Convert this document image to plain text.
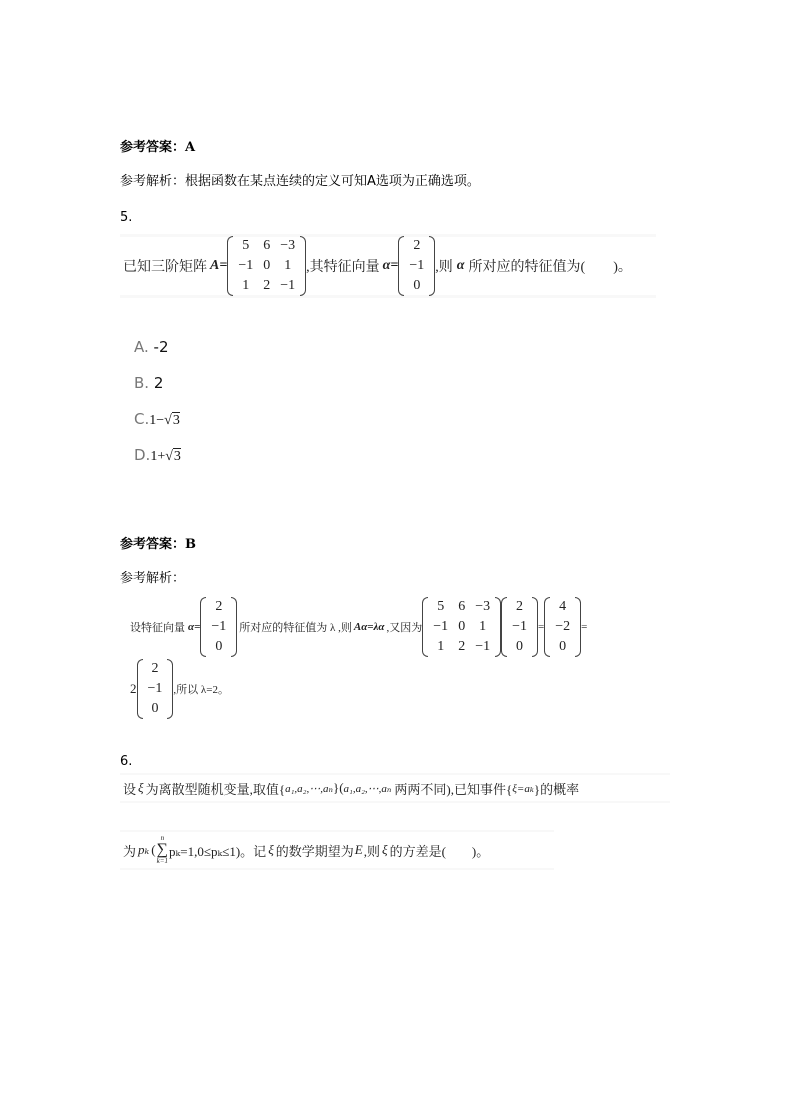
参考答案：A
参考解析：根据函数在某点连续的定义可知A选项为正确选项。
5.
已知三阶矩阵 A=
5	6	−3
−1	0	1
1	2	−1
,其特征向量 α=
2
−1
0
,则 α 所对应的特征值为(　　)。
A. -2
B. 2
C.1−√3
D.1+√3
参考答案：B
参考解析：
设特征向量 α=
2
−1
0
所对应的特征值为 λ ,则 Aα=λα ,又因为
5	6	−3
−1	0	1
1	2	−1
2
−1
0
=
4
−2
0
=
2
2
−1
0
,所以 λ=2。
6.
设 ξ 为离散型随机变量,取值{ a₁,a₂,⋯,aₙ }( a₁,a₂,⋯,aₙ 两两不同),已知事件{ ξ=aₖ }的概率
为 pₖ (
n
∑
k=1
pₖ=1,0≤pₖ≤1)。记 ξ 的数学期望为 E ,则 ξ 的方差是(　　)。
